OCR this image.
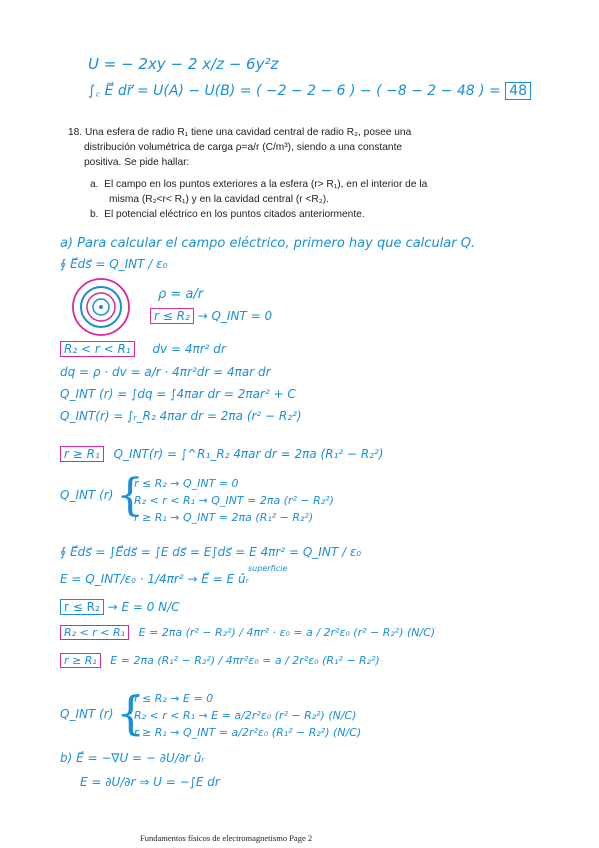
U = − 2xy − 2 x/z − 6y²z
∫꜀ E⃗ dr⃗ = U(A) − U(B) = ( −2 − 2 − 6 ) − ( −8 − 2 − 48 ) = 48
18. Una esfera de radio R₁ tiene una cavidad central de radio R₂, posee una
distribución volumétrica de carga ρ=a/r (C/m³), siendo a una constante
positiva. Se pide hallar:
a. El campo en los puntos exteriores a la esfera (r> R₁), en el interior de la
misma (R₂<r< R₁) y en la cavidad central (r <R₂).
b. El potencial eléctrico en los puntos citados anteriormente.
a) Para calcular el campo eléctrico, primero hay que calcular Q.
∮ E⃗ds⃗ = Q_INT / ε₀
ρ = a/r
r ≤ R₂ → Q_INT = 0
R₂ < r < R₁ dv = 4πr² dr
dq = ρ · dv = a/r · 4πr²dr = 4πar dr
Q_INT (r) = ∫dq = ∫4πar dr = 2πar² + C
Q_INT(r) = ∫ᵣ_R₂ 4πar dr = 2πa (r² − R₂²)
r ≥ R₁ Q_INT(r) = ∫^R₁_R₂ 4πar dr = 2πa (R₁² − R₂²)
Q_INT (r) {
r ≤ R₂ → Q_INT = 0
R₂ < r < R₁ → Q_INT = 2πa (r² − R₂²)
r ≥ R₁ → Q_INT = 2πa (R₁² − R₂²)
∮ E⃗ds⃗ = ∫E⃗ds⃗ = ∫E ds⃗ = E∫ds⃗ = E 4πr² = Q_INT / ε₀
superficie
E = Q_INT/ε₀ · 1/4πr² → E⃗ = E ûᵣ
r ≤ R₂ → E = 0 N/C
R₂ < r < R₁ E = 2πa (r² − R₂²) / 4πr² · ε₀ = a / 2r²ε₀ (r² − R₂²) (N/C)
r ≥ R₁ E = 2πa (R₁² − R₂²) / 4πr²ε₀ = a / 2r²ε₀ (R₁² − R₂²)
Q_INT (r) {
r ≤ R₂ → E = 0
R₂ < r < R₁ → E = a/2r²ε₀ (r² − R₂²) (N/C)
r ≥ R₁ → Q_INT = a/2r²ε₀ (R₁² − R₂²) (N/C)
b) E⃗ = −∇U = − ∂U/∂r ûᵣ
E = ∂U/∂r ⇒ U = −∫E dr
Fundamentos físicos de electromagnetismo Page 2
